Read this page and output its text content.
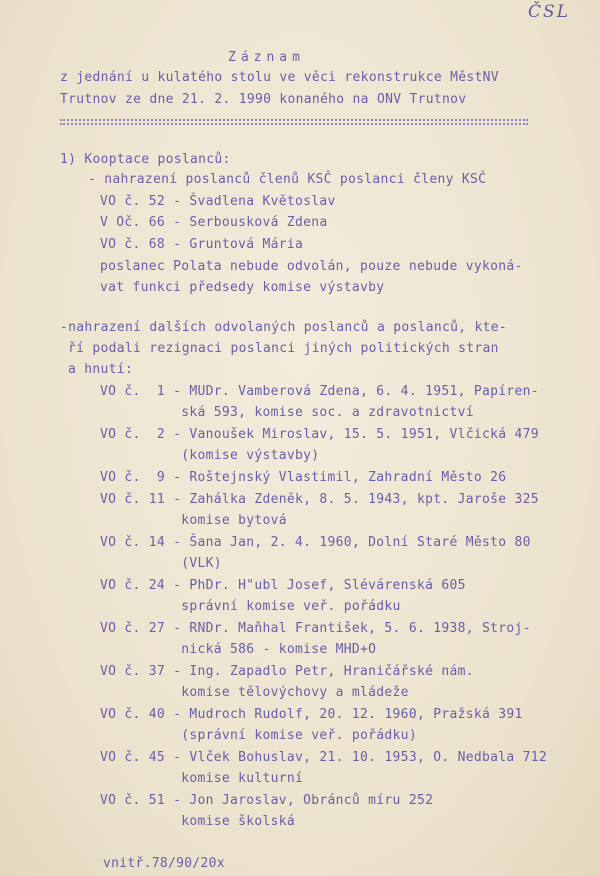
ČSL
Záznam
z jednání u kulatého stolu ve věci rekonstrukce MěstNV
Trutnov ze dne 21. 2. 1990 konaného na ONV Trutnov
1) Kooptace poslanců:
- nahrazení poslanců členů KSČ poslanci členy KSČ
VO č. 52 - Švadlena Květoslav
V Oč. 66 - Serbousková Zdena
VO č. 68 - Gruntová Mária
poslanec Polata nebude odvolán, pouze nebude vykoná-
vat funkci předsedy komise výstavby
-nahrazení dalších odvolaných poslanců a poslanců, kte-
ří podali rezignaci poslanci jiných politických stran
a hnutí:
VO č.  1 - MUDr. Vamberová Zdena, 6. 4. 1951, Papíren-
ská 593, komise soc. a zdravotnictví
VO č.  2 - Vanoušek Miroslav, 15. 5. 1951, Vlčická 479
(komise výstavby)
VO č.  9 - Roštejnský Vlastimil, Zahradní Město 26
VO č. 11 - Zahálka Zdeněk, 8. 5. 1943, kpt. Jaroše 325
komise bytová
VO č. 14 - Šana Jan, 2. 4. 1960, Dolní Staré Město 80
(VLK)
VO č. 24 - PhDr. H"ubl Josef, Slévárenská 605
správní komise veř. pořádku
VO č. 27 - RNDr. Maňhal František, 5. 6. 1938, Stroj-
nická 586 - komise MHD+O
VO č. 37 - Ing. Zapadlo Petr, Hraničářské nám.
komise tělovýchovy a mládeže
VO č. 40 - Mudroch Rudolf, 20. 12. 1960, Pražská 391
(správní komise veř. pořádku)
VO č. 45 - Vlček Bohuslav, 21. 10. 1953, O. Nedbala 712
komise kulturní
VO č. 51 - Jon Jaroslav, Obránců míru 252
komise školská
vnitř.78/90/20x
